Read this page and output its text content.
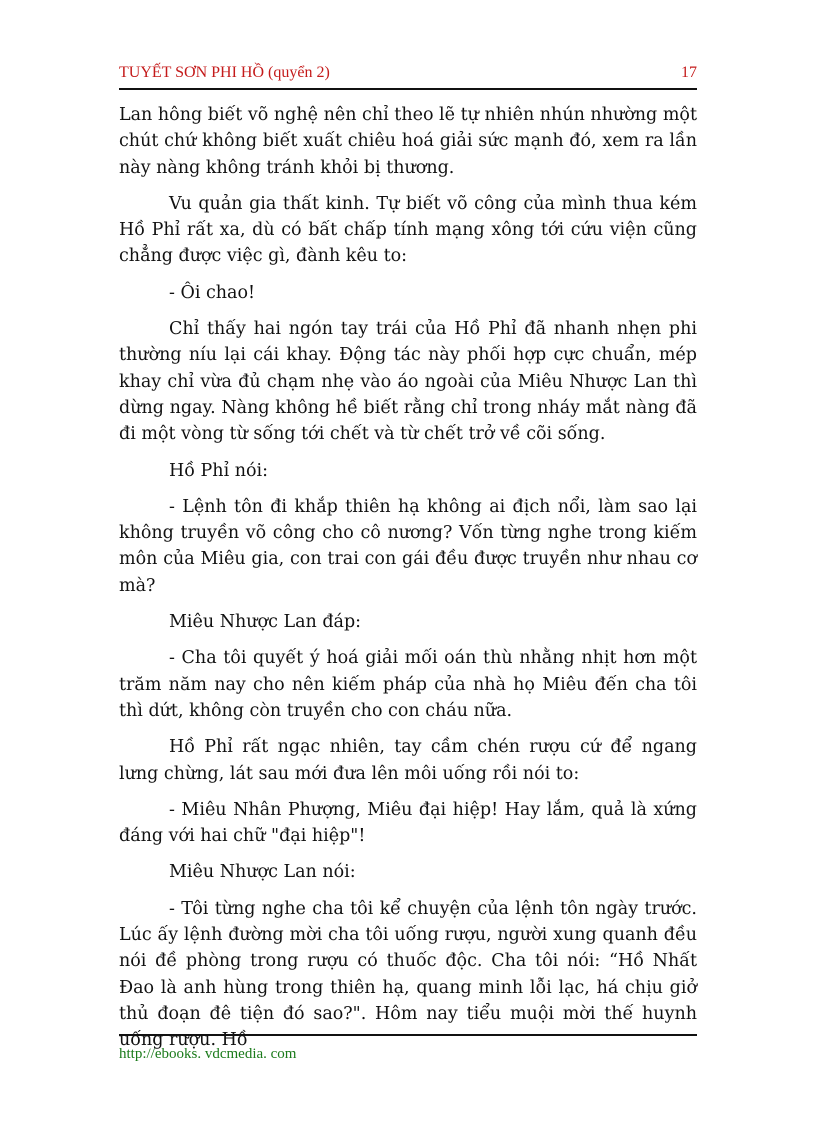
TUYẾT SƠN PHI HỒ (quyển 2)	17

Lan hông biết võ nghệ nên chỉ theo lẽ tự nhiên nhún nhường một chút chứ không biết xuất chiêu hoá giải sức mạnh đó, xem ra lần này nàng không tránh khỏi bị thương.

Vu quản gia thất kinh. Tự biết võ công của mình thua kém Hồ Phỉ rất xa, dù có bất chấp tính mạng xông tới cứu viện cũng chẳng được việc gì, đành kêu to:

- Ôi chao!

Chỉ thấy hai ngón tay trái của Hồ Phỉ đã nhanh nhẹn phi thường níu lại cái khay. Động tác này phối hợp cực chuẩn, mép khay chỉ vừa đủ chạm nhẹ vào áo ngoài của Miêu Nhược Lan thì dừng ngay. Nàng không hề biết rằng chỉ trong nháy mắt nàng đã đi một vòng từ sống tới chết và từ chết trở về cõi sống.

Hồ Phỉ nói:

- Lệnh tôn đi khắp thiên hạ không ai địch nổi, làm sao lại không truyền võ công cho cô nương? Vốn từng nghe trong kiếm môn của Miêu gia, con trai con gái đều được truyền như nhau cơ mà?

Miêu Nhược Lan đáp:

- Cha tôi quyết ý hoá giải mối oán thù nhằng nhịt hơn một trăm năm nay cho nên kiếm pháp của nhà họ Miêu đến cha tôi thì dứt, không còn truyền cho con cháu nữa.

Hồ Phỉ rất ngạc nhiên, tay cầm chén rượu cứ để ngang lưng chừng, lát sau mới đưa lên môi uống rồi nói to:

- Miêu Nhân Phượng, Miêu đại hiệp! Hay lắm, quả là xứng đáng với hai chữ "đại hiệp"!

Miêu Nhược Lan nói:

- Tôi từng nghe cha tôi kể chuyện của lệnh tôn ngày trước. Lúc ấy lệnh đường mời cha tôi uống rượu, người xung quanh đều nói đề phòng trong rượu có thuốc độc. Cha tôi nói: “Hồ Nhất Đao là anh hùng trong thiên hạ, quang minh lỗi lạc, há chịu giở thủ đoạn đê tiện đó sao?". Hôm nay tiểu muội mời thế huynh uống rượu. Hồ

http://ebooks. vdcmedia. com
